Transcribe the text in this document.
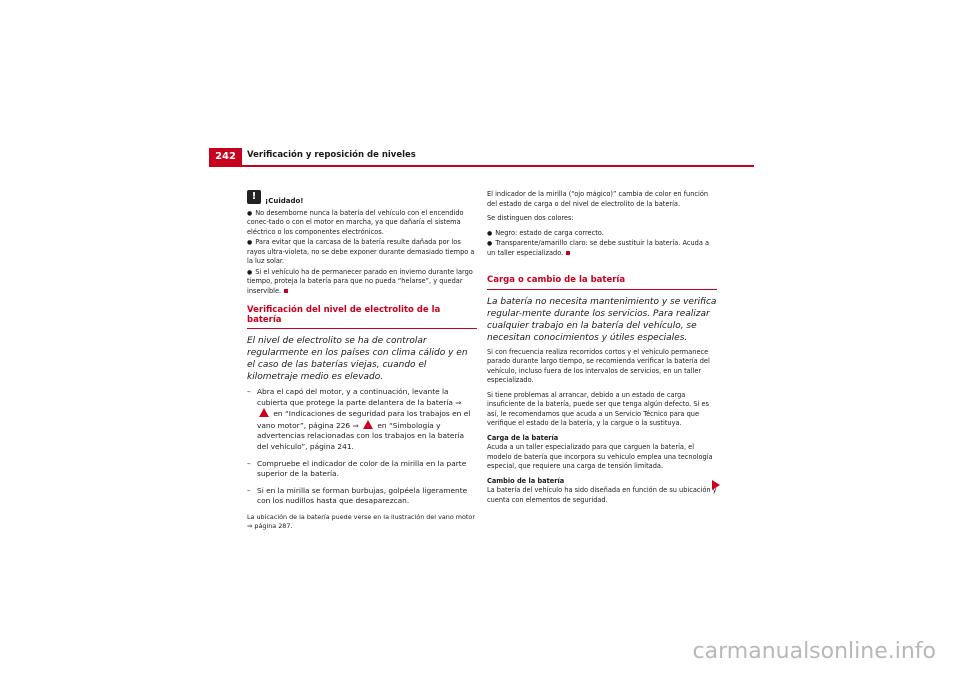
242	Verificación y reposición de niveles
!	¡Cuidado!
● No desemborne nunca la batería del vehículo con el encendido conec-tado o con el motor en marcha, ya que dañaría el sistema eléctrico o los componentes electrónicos.
● Para evitar que la carcasa de la batería resulte dañada por los rayos ultra-violeta, no se debe exponer durante demasiado tiempo a la luz solar.
● Si el vehículo ha de permanecer parado en invierno durante largo tiempo, proteja la batería para que no pueda “helarse”, y quedar inservible.
Verificación del nivel de electrolito de la batería
El nivel de electrolito se ha de controlar regularmente en los países con clima cálido y en el caso de las baterías viejas, cuando el kilometraje medio es elevado.
– Abra el capó del motor, y a continuación, levante la cubierta que protege la parte delantera de la batería ⇒  en “Indicaciones de seguridad para los trabajos en el vano motor”, página 226 ⇒	en “Simbología y advertencias relacionadas con los trabajos en la batería del vehículo”, página 241.
– Compruebe el indicador de color de la mirilla en la parte superior de la batería.
– Si en la mirilla se forman burbujas, golpéela ligeramente con los nudillos hasta que desaparezcan.
La ubicación de la batería puede verse en la ilustración del vano motor ⇒ página 287.

El indicador de la mirilla (“ojo mágico)” cambia de color en función del estado de carga o del nivel de electrolito de la batería.

Se distinguen dos colores:

● Negro: estado de carga correcto.
● Transparente/amarillo claro: se debe sustituir la batería. Acuda a un taller especializado.
Carga o cambio de la batería
La batería no necesita mantenimiento y se verifica regular-mente durante los servicios. Para realizar cualquier trabajo en la batería del vehículo, se necesitan conocimientos y útiles especiales.

Si con frecuencia realiza recorridos cortos y el vehículo permanece parado durante largo tiempo, se recomienda verificar la batería del vehículo, incluso fuera de los intervalos de servicios, en un taller especializado.

Si tiene problemas al arrancar, debido a un estado de carga insuficiente de la batería, puede ser que tenga algún defecto. Si es así, le recomendamos que acuda a un Servicio Técnico para que verifique el estado de la batería, y la cargue o la sustituya.

Carga de la batería

Acuda a un taller especializado para que carguen la batería, el modelo de batería que incorpora su vehículo emplea una tecnología especial, que requiere una carga de tensión limitada.

Cambio de la batería

La batería del vehículo ha sido diseñada en función de su ubicación y cuenta con elementos de seguridad.

carmanualsonline.info
